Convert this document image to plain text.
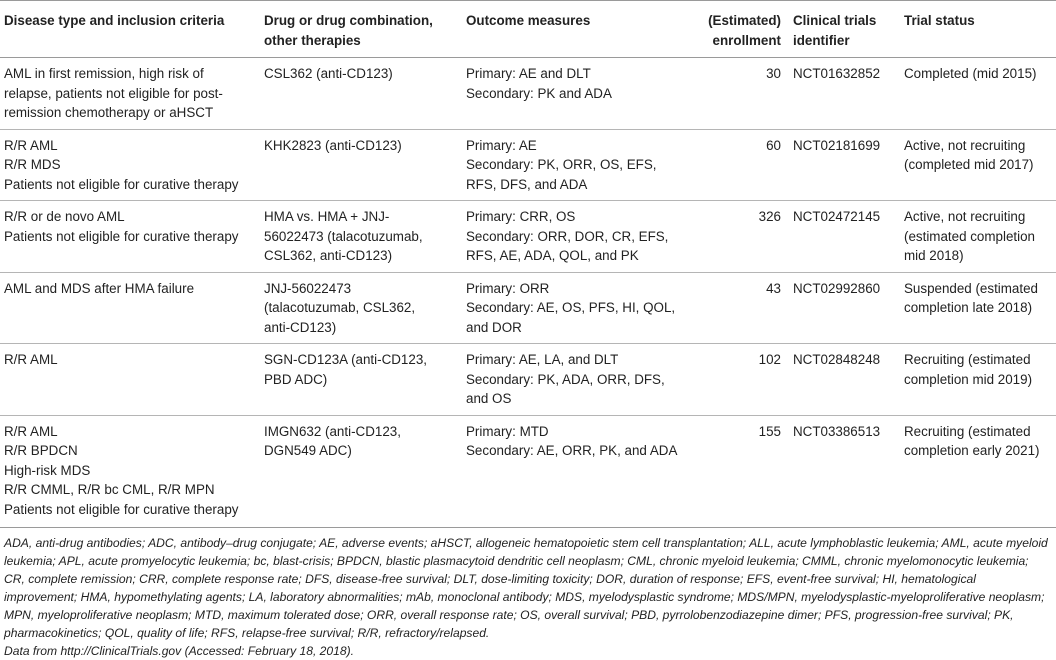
Disease type and inclusion criteria	Drug or drug combination,
other therapies	Outcome measures	(Estimated)
enrollment	Clinical trials
identifier	Trial status

AML in first remission, high risk of
relapse, patients not eligible for post-
remission chemotherapy or aHSCT	CSL362 (anti-CD123)	Primary: AE and DLT
Secondary: PK and ADA	30	NCT01632852	Completed (mid 2015)

R/R AML
R/R MDS
Patients not eligible for curative therapy	KHK2823 (anti-CD123)	Primary: AE
Secondary: PK, ORR, OS, EFS,
RFS, DFS, and ADA	60	NCT02181699	Active, not recruiting
(completed mid 2017)

R/R or de novo AML
Patients not eligible for curative therapy	HMA vs. HMA + JNJ-
56022473 (talacotuzumab,
CSL362, anti-CD123)	Primary: CRR, OS
Secondary: ORR, DOR, CR, EFS,
RFS, AE, ADA, QOL, and PK	326	NCT02472145	Active, not recruiting
(estimated completion
mid 2018)

AML and MDS after HMA failure	JNJ-56022473
(talacotuzumab, CSL362,
anti-CD123)	Primary: ORR
Secondary: AE, OS, PFS, HI, QOL,
and DOR	43	NCT02992860	Suspended (estimated
completion late 2018)

R/R AML	SGN-CD123A (anti-CD123,
PBD ADC)	Primary: AE, LA, and DLT
Secondary: PK, ADA, ORR, DFS,
and OS	102	NCT02848248	Recruiting (estimated
completion mid 2019)

R/R AML
R/R BPDCN
High-risk MDS
R/R CMML, R/R bc CML, R/R MPN
Patients not eligible for curative therapy	IMGN632 (anti-CD123,
DGN549 ADC)	Primary: MTD
Secondary: AE, ORR, PK, and ADA	155	NCT03386513	Recruiting (estimated
completion early 2021)
ADA, anti-drug antibodies; ADC, antibody–drug conjugate; AE, adverse events; aHSCT, allogeneic hematopoietic stem cell transplantation; ALL, acute lymphoblastic leukemia; AML, acute myeloid leukemia; APL, acute promyelocytic leukemia; bc, blast-crisis; BPDCN, blastic plasmacytoid dendritic cell neoplasm; CML, chronic myeloid leukemia; CMML, chronic myelomonocytic leukemia; CR, complete remission; CRR, complete response rate; DFS, disease-free survival; DLT, dose-limiting toxicity; DOR, duration of response; EFS, event-free survival; HI, hematological improvement; HMA, hypomethylating agents; LA, laboratory abnormalities; mAb, monoclonal antibody; MDS, myelodysplastic syndrome; MDS/MPN, myelodysplastic-myeloproliferative neoplasm; MPN, myeloproliferative neoplasm; MTD, maximum tolerated dose; ORR, overall response rate; OS, overall survival; PBD, pyrrolobenzodiazepine dimer; PFS, progression-free survival; PK, pharmacokinetics; QOL, quality of life; RFS, relapse-free survival; R/R, refractory/relapsed.
Data from http://ClinicalTrials.gov (Accessed: February 18, 2018).
